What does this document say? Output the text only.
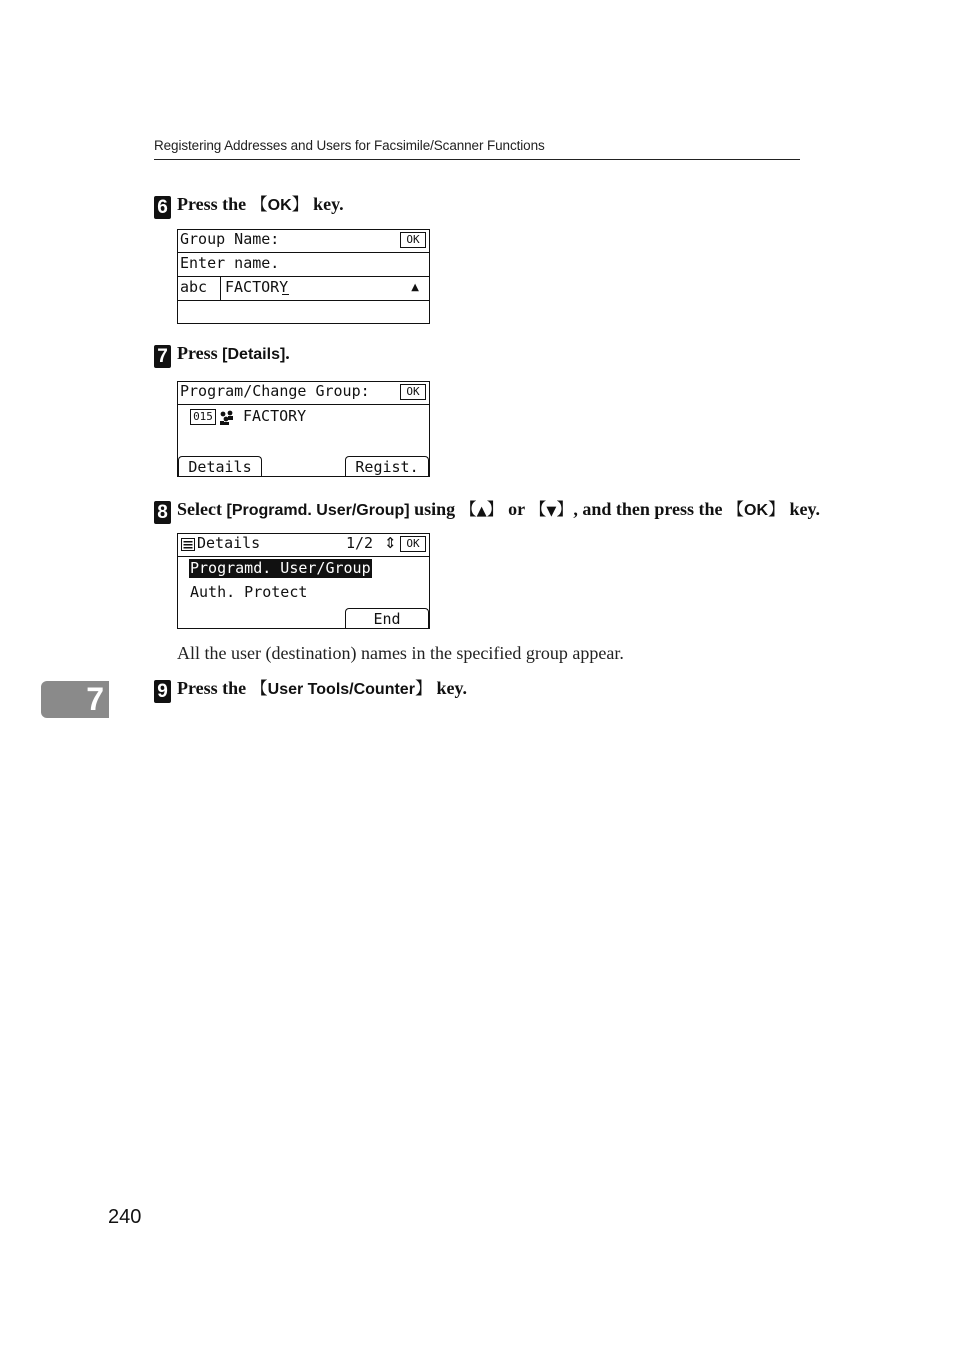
Registering Addresses and Users for Facsimile/Scanner Functions
6 Press the 【OK】 key.
Group Name:	OK
Enter name.
abc FACTORY	▲
7 Press [Details].
Program/Change Group:	OK
015 FACTORY
Details	Regist.
8 Select [Programd. User/Group] using 【▲】 or 【▼】, and then press the 【OK】 key.
Details	1/2 ⇕ OK
Programd. User/Group
Auth. Protect
End
All the user (destination) names in the specified group appear.
7	9 Press the 【User Tools/Counter】 key.
240
